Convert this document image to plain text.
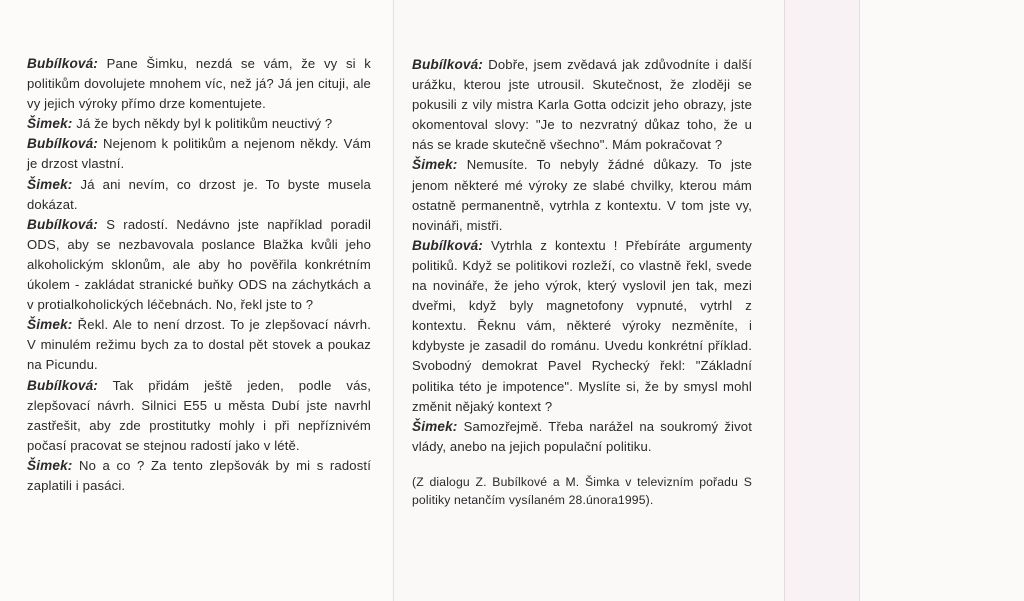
Bubílková: Pane Šimku, nezdá se vám, že vy si k politikům dovolujete mnohem víc, než já? Já jen cituji, ale vy jejich výroky přímo drze komentujete.

Šimek: Já že bych někdy byl k politikům neuctivý ?

Bubílková: Nejenom k politikům a nejenom někdy. Vám je drzost vlastní.

Šimek: Já ani nevím, co drzost je. To byste musela dokázat.

Bubílková: S radostí. Nedávno jste například poradil ODS, aby se nezbavovala poslance Blažka kvůli jeho alkoholickým sklonům, ale aby ho pověřila konkrétním úkolem - zakládat stranické buňky ODS na záchytkách a v protialkoholických léčebnách. No, řekl jste to ?

Šimek: Řekl. Ale to není drzost. To je zlepšovací návrh. V minulém režimu bych za to dostal pět stovek a poukaz na Picundu.

Bubílková: Tak přidám ještě jeden, podle vás, zlepšovací návrh. Silnici E55 u města Dubí jste navrhl zastřešit, aby zde prostitutky mohly i při nepříznivém počasí pracovat se stejnou radostí jako v létě.

Šimek: No a co ? Za tento zlepšovák by mi s radostí zaplatili i pasáci.

Bubílková: Dobře, jsem zvědavá jak zdůvodníte i další urážku, kterou jste utrousil. Skutečnost, že zloději se pokusili z vily mistra Karla Gotta odcizit jeho obrazy, jste okomentoval slovy: "Je to nezvratný důkaz toho, že u nás se krade skutečně všechno". Mám pokračovat ?

Šimek: Nemusíte. To nebyly žádné důkazy. To jste jenom některé mé výroky ze slabé chvilky, kterou mám ostatně permanentně, vytrhla z kontextu. V tom jste vy, novináři, mistři.

Bubílková: Vytrhla z kontextu ! Přebíráte argumenty politiků. Když se politikovi rozleží, co vlastně řekl, svede na novináře, že jeho výrok, který vyslovil jen tak, mezi dveřmi, když byly magnetofony vypnuté, vytrhl z kontextu. Řeknu vám, některé výroky nezměníte, i kdybyste je zasadil do románu. Uvedu konkrétní příklad. Svobodný demokrat Pavel Rychecký řekl: "Základní politika této je impotence". Myslíte si, že by smysl mohl změnit nějaký kontext ?

Šimek: Samozřejmě. Třeba narážel na soukromý život vlády, anebo na jejich populační politiku.

(Z dialogu Z. Bubílkové a M. Šimka v televizním pořadu S politiky netančím vysílaném 28.února1995).
